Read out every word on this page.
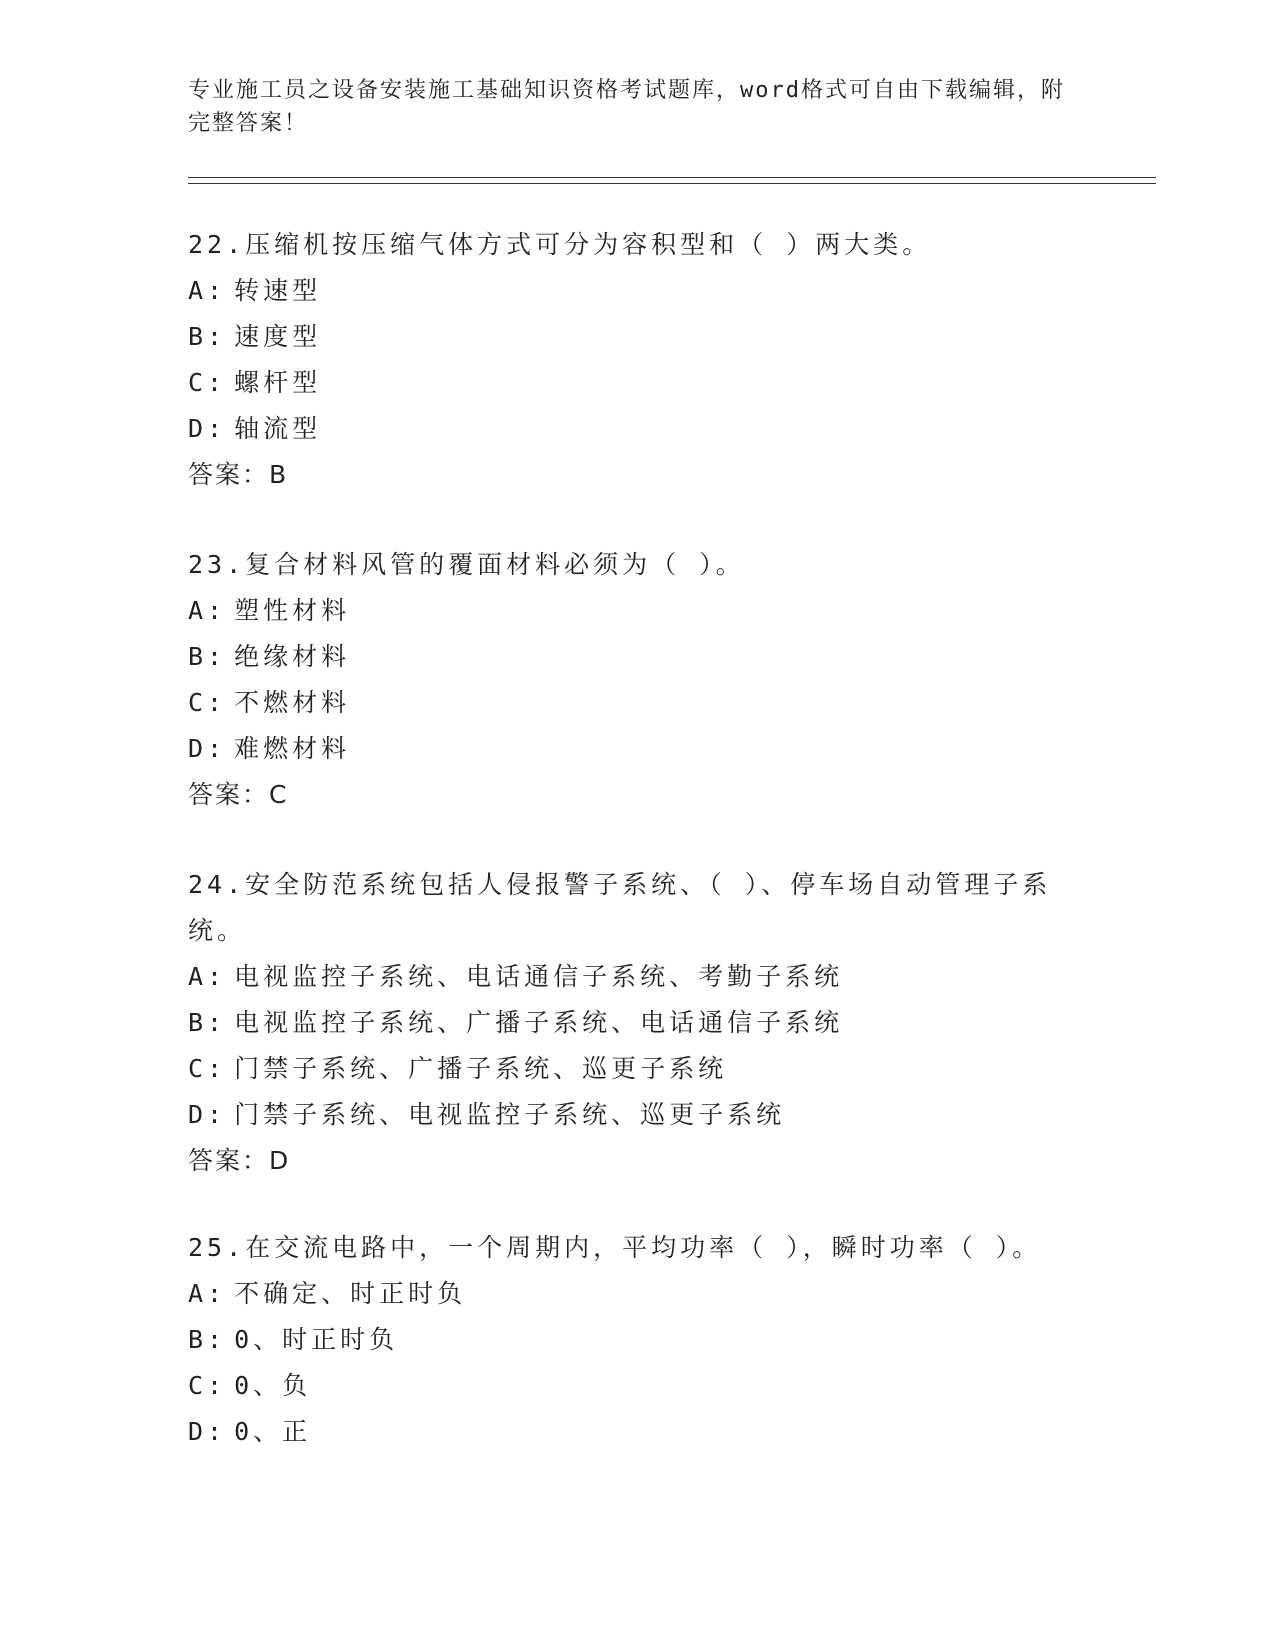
专业施工员之设备安装施工基础知识资格考试题库，word格式可自由下载编辑，附完整答案！

22.压缩机按压缩气体方式可分为容积型和（ ）两大类。

A: 转速型

B: 速度型

C: 螺杆型

D: 轴流型

答案：B

23.复合材料风管的覆面材料必须为（ ）。

A: 塑性材料

B: 绝缘材料

C: 不燃材料

D: 难燃材料

答案：C

24.安全防范系统包括人侵报警子系统、（ ）、停车场自动管理子系统。

A: 电视监控子系统、电话通信子系统、考勤子系统

B: 电视监控子系统、广播子系统、电话通信子系统

C: 门禁子系统、广播子系统、巡更子系统

D: 门禁子系统、电视监控子系统、巡更子系统

答案：D

25.在交流电路中，一个周期内，平均功率（ ），瞬时功率（ ）。

A: 不确定、时正时负

B: 0、时正时负

C: 0、负

D: 0、正
